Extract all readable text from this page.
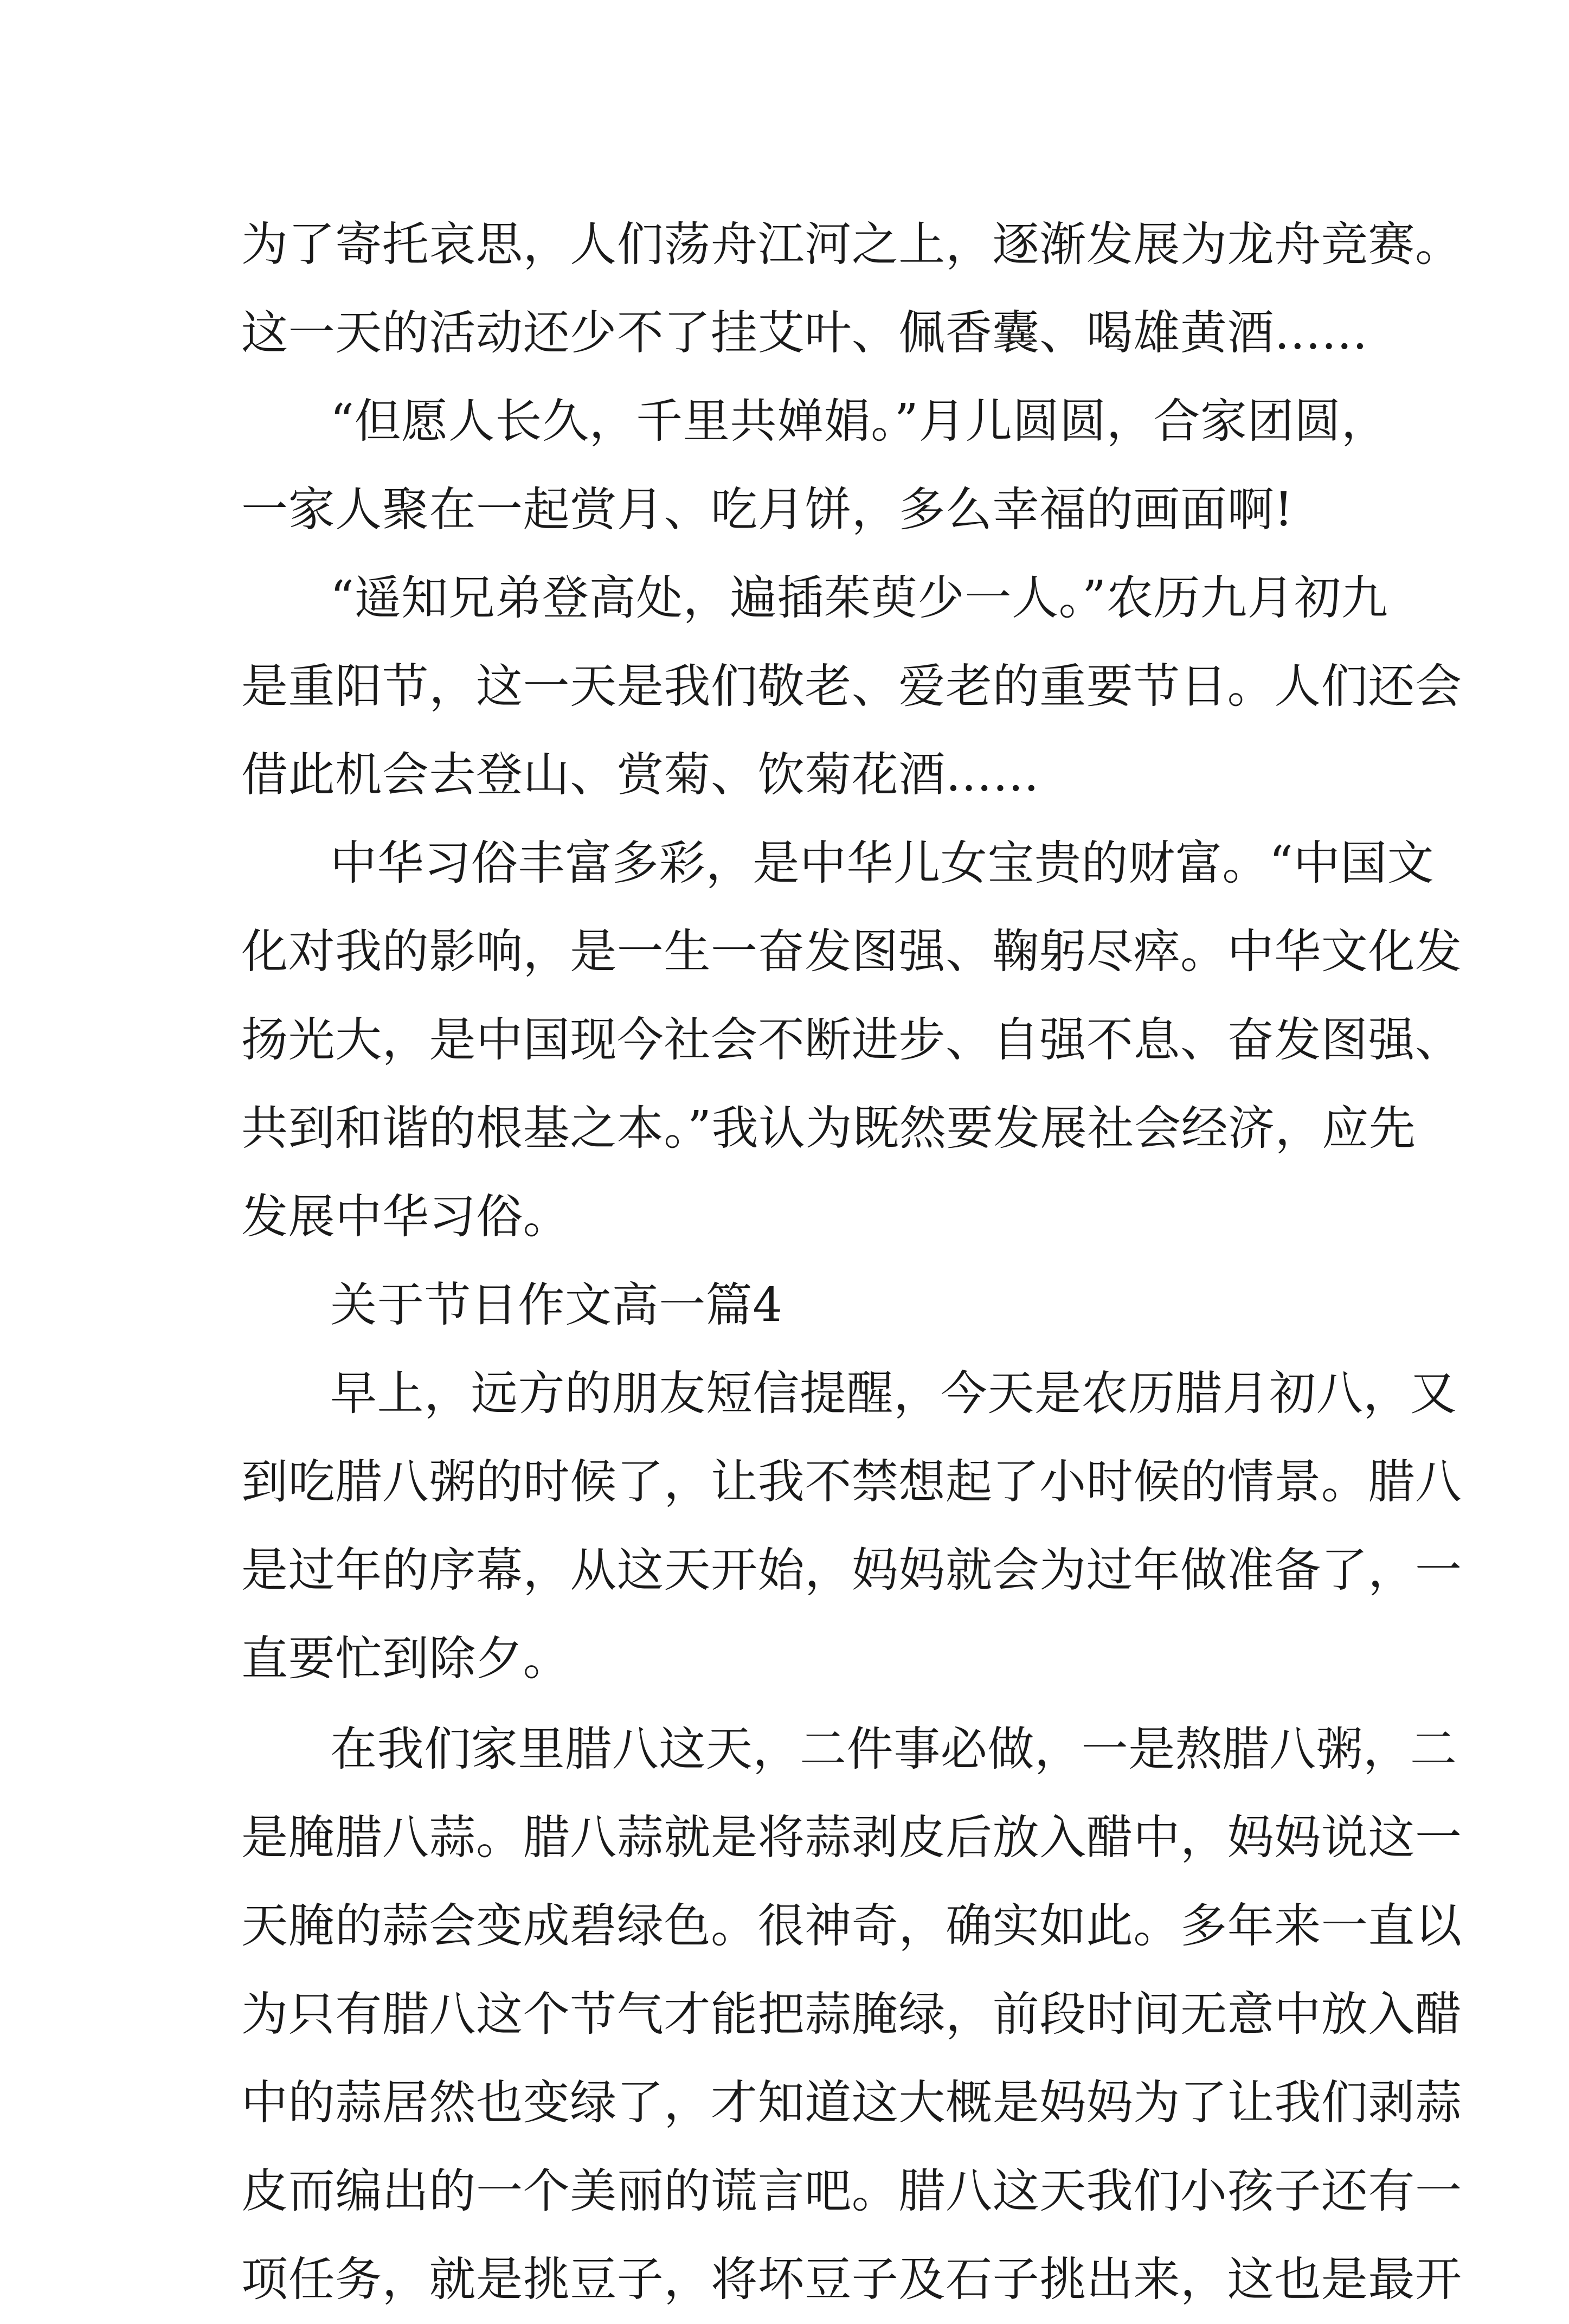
为了寄托哀思，人们荡舟江河之上，逐渐发展为龙舟竞赛。
这一天的活动还少不了挂艾叶、佩香囊、喝雄黄酒……
“但愿人长久，千里共婵娟。”月儿圆圆，合家团圆，
一家人聚在一起赏月、吃月饼，多么幸福的画面啊!
“遥知兄弟登高处，遍插茱萸少一人。”农历九月初九
是重阳节，这一天是我们敬老、爱老的重要节日。人们还会
借此机会去登山、赏菊、饮菊花酒……
中华习俗丰富多彩，是中华儿女宝贵的财富。“中国文
化对我的影响，是一生一奋发图强、鞠躬尽瘁。中华文化发
扬光大，是中国现今社会不断进步、自强不息、奋发图强、
共到和谐的根基之本。”我认为既然要发展社会经济，应先
发展中华习俗。
关于节日作文高一篇4
早上，远方的朋友短信提醒，今天是农历腊月初八，又
到吃腊八粥的时候了，让我不禁想起了小时候的情景。腊八
是过年的序幕，从这天开始，妈妈就会为过年做准备了，一
直要忙到除夕。
在我们家里腊八这天，二件事必做，一是熬腊八粥，二
是腌腊八蒜。腊八蒜就是将蒜剥皮后放入醋中，妈妈说这一
天腌的蒜会变成碧绿色。很神奇，确实如此。多年来一直以
为只有腊八这个节气才能把蒜腌绿，前段时间无意中放入醋
中的蒜居然也变绿了，才知道这大概是妈妈为了让我们剥蒜
皮而编出的一个美丽的谎言吧。腊八这天我们小孩子还有一
项任务，就是挑豆子，将坏豆子及石子挑出来，这也是最开
